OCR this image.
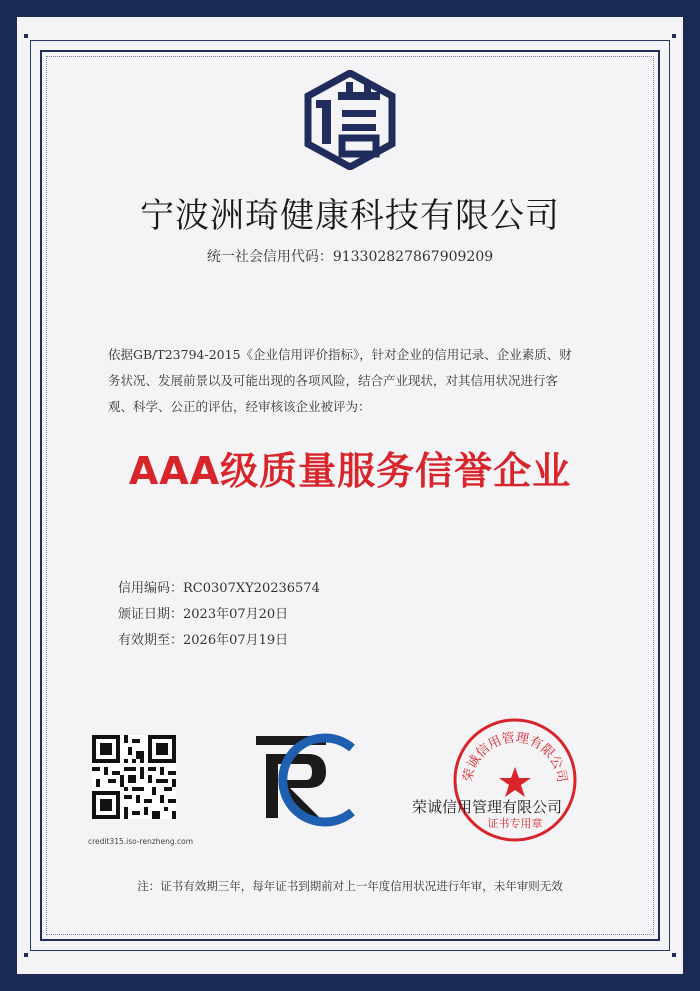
宁波洲琦健康科技有限公司
统一社会信用代码：91330282786790920​9
依据GB/T23794-2015《企业信用评价指标》，针对企业的信用记录、企业素质、财
务状况、发展前景以及可能出现的各项风险，结合产业现状，对其信用状况进行客
观、科学、公正的评估，经审核该企业被评为：
AAA级质量服务信誉企业
信用编码：RC0307XY20236574
颁证日期：2023年07月20日
有效期至：2026年07月19日
credit315.iso-renzheng.com
荣诚信用管理有限公司
证书专用章
荣诚信用管理有限公司
注：证书有效期三年，每年证书到期前对上一年度信用状况进行年审，未年审则无效
